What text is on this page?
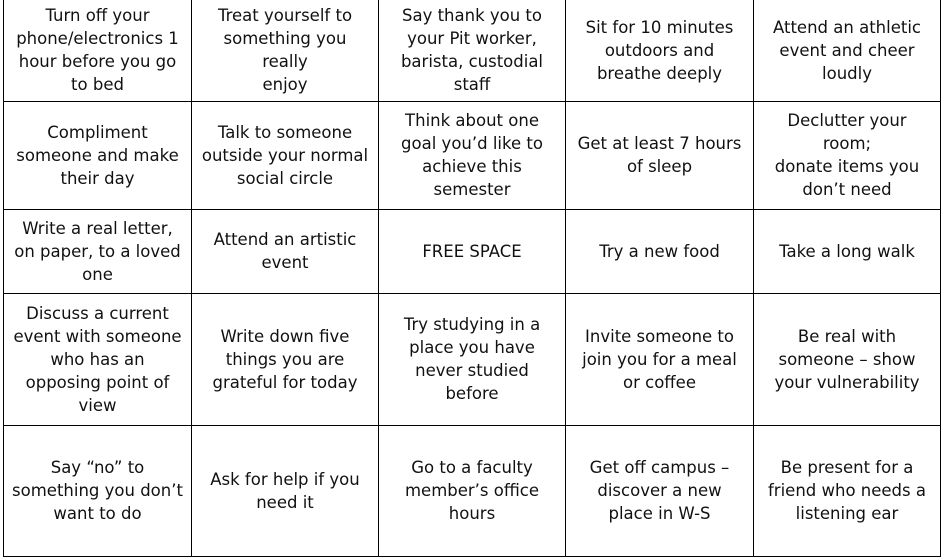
Turn off your
phone/electronics 1
hour before you go
to bed	Treat yourself to
something you really
enjoy	Say thank you to
your Pit worker,
barista, custodial
staff	Sit for 10 minutes
outdoors and
breathe deeply	Attend an athletic
event and cheer
loudly
Compliment
someone and make
their day	Talk to someone
outside your normal
social circle	Think about one
goal you’d like to
achieve this
semester	Get at least 7 hours
of sleep	Declutter your room;
donate items you
don’t need
Write a real letter,
on paper, to a loved
one	Attend an artistic
event	FREE SPACE	Try a new food	Take a long walk
Discuss a current
event with someone
who has an
opposing point of
view	Write down five
things you are
grateful for today	Try studying in a
place you have
never studied before	Invite someone to
join you for a meal
or coffee	Be real with
someone – show
your vulnerability
Say “no” to
something you don’t
want to do	Ask for help if you
need it	Go to a faculty
member’s office
hours	Get off campus –
discover a new
place in W-S	Be present for a
friend who needs a
listening ear
